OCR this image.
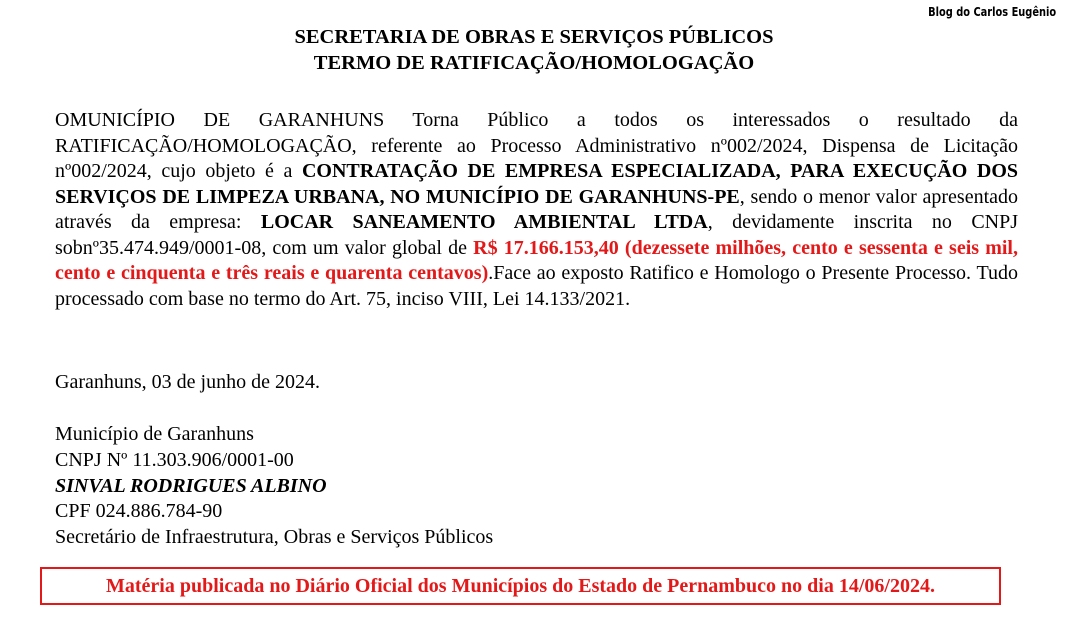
Blog do Carlos Eugênio
SECRETARIA DE OBRAS E SERVIÇOS PÚBLICOS
TERMO DE RATIFICAÇÃO/HOMOLOGAÇÃO
OMUNICÍPIO DE GARANHUNS Torna Público a todos os interessados o resultado da RATIFICAÇÃO/HOMOLOGAÇÃO, referente ao Processo Administrativo nº002/2024, Dispensa de Licitação nº002/2024, cujo objeto é a CONTRATAÇÃO DE EMPRESA ESPECIALIZADA, PARA EXECUÇÃO DOS SERVIÇOS DE LIMPEZA URBANA, NO MUNICÍPIO DE GARANHUNS-PE, sendo o menor valor apresentado através da empresa: LOCAR SANEAMENTO AMBIENTAL LTDA, devidamente inscrita no CNPJ sobnº35.474.949/0001-08, com um valor global de R$ 17.166.153,40 (dezessete milhões, cento e sessenta e seis mil, cento e cinquenta e três reais e quarenta centavos).Face ao exposto Ratifico e Homologo o Presente Processo. Tudo processado com base no termo do Art. 75, inciso VIII, Lei 14.133/2021.
Garanhuns, 03 de junho de 2024.
Município de Garanhuns
CNPJ Nº 11.303.906/0001-00
SINVAL RODRIGUES ALBINO
CPF 024.886.784-90
Secretário de Infraestrutura, Obras e Serviços Públicos
Matéria publicada no Diário Oficial dos Municípios do Estado de Pernambuco no dia 14/06/2024.
